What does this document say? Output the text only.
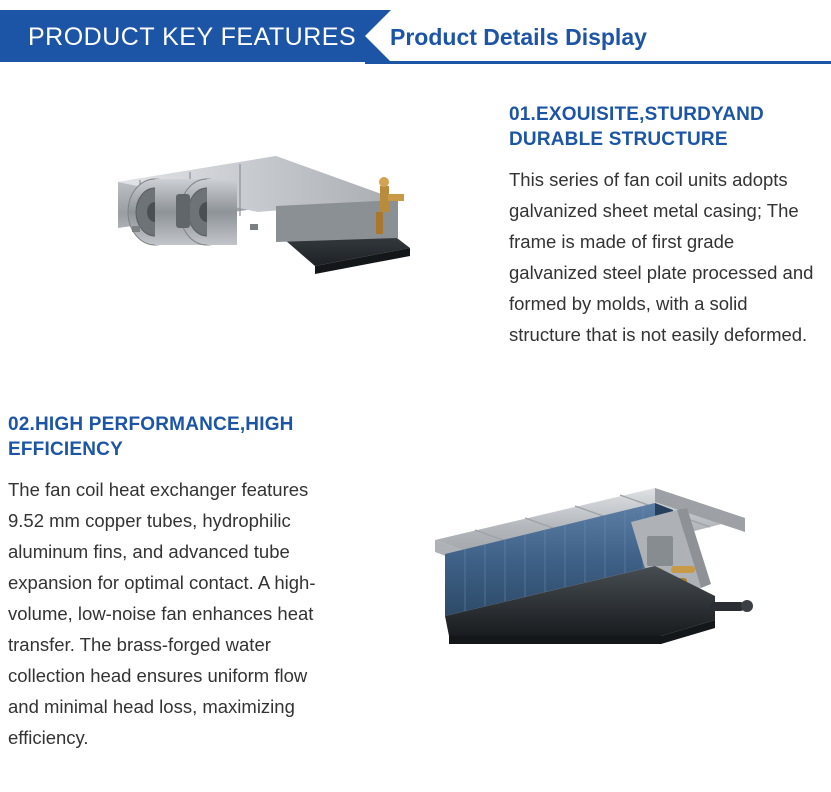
PRODUCT KEY FEATURES Product Details Display
01.EXOUISITE,STURDYAND DURABLE STRUCTURE
This series of fan coil units adopts galvanized sheet metal casing; The frame is made of first grade galvanized steel plate processed and formed by molds, with a solid structure that is not easily deformed.
02.HIGH PERFORMANCE,HIGH EFFICIENCY
The fan coil heat exchanger features 9.52 mm copper tubes, hydrophilic aluminum fins, and advanced tube expansion for optimal contact. A high-volume, low-noise fan enhances heat transfer. The brass-forged water collection head ensures uniform flow and minimal head loss, maximizing efficiency.
